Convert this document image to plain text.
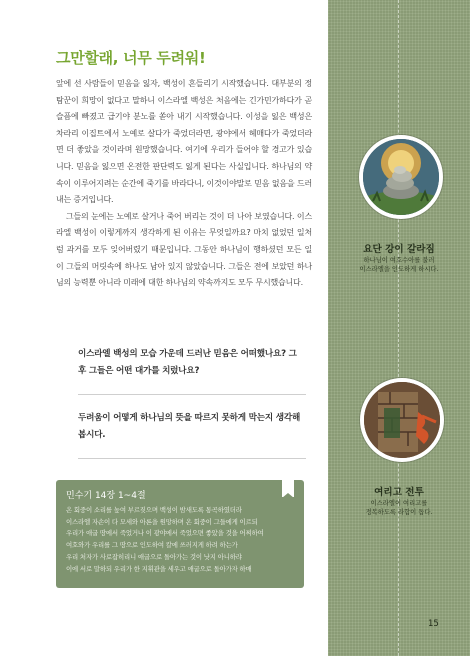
그만할래, 너무 두려워!

앞에 선 사람들이 믿음을 잃자, 백성이 흔들리기 시작했습니다. 대부분의 정탐꾼이 희망이 없다고 말하니 이스라엘 백성은 처음에는 긴가민가하다가 곧 슬픔에 빠졌고 급기야 분노를 쏟아 내기 시작했습니다. 이성을 잃은 백성은 차라리 이집트에서 노예로 살다가 죽었더라면, 광야에서 헤매다가 죽었더라면 더 좋았을 것이라며 원망했습니다. 여기에 우리가 들어야 할 경고가 있습니다. 믿음을 잃으면 온전한 판단력도 잃게 된다는 사실입니다. 하나님의 약속이 이루어지려는 순간에 죽기를 바라다니, 이것이야말로 믿음 없음을 드러내는 증거입니다.

그들의 눈에는 노예로 살거나 죽어 버리는 것이 더 나아 보였습니다. 이스라엘 백성이 이렇게까지 생각하게 된 이유는 무엇일까요? 마치 없었던 일처럼 과거를 모두 잊어버렸기 때문입니다. 그동안 하나님이 행하셨던 모든 일이 그들의 머릿속에 하나도 남아 있지 않았습니다. 그들은 전에 보았던 하나님의 능력뿐 아니라 미래에 대한 하나님의 약속까지도 모두 무시했습니다.

이스라엘 백성의 모습 가운데 드러난 믿음은 어떠했나요? 그 후 그들은 어떤 대가를 치렀나요?
두려움이 어떻게 하나님의 뜻을 따르지 못하게 막는지 생각해 봅시다.
민수기 14장 1~4절
온 회중이 소리를 높여 부르짖으며 백성이 밤새도록 통곡하였더라
이스라엘 자손이 다 모세와 아론을 원망하며 온 회중이 그들에게 이르되
우리가 애굽 땅에서 죽었거나 이 광야에서 죽었으면 좋았을 것을 어찌하여
여호와가 우리를 그 땅으로 인도하여 칼에 쓰러지게 하려 하는가
우리 처자가 사로잡히리니 애굽으로 돌아가는 것이 낫지 아니하랴
이에 서로 말하되 우리가 한 지휘관을 세우고 애굽으로 돌아가자 하매
요단 강이 갈라짐
하나님이 여호수아를 불러
이스라엘을 인도하게 하시다.
여리고 전투
이스라엘이 여리고를
정복하도록 라합이 돕다.
15
